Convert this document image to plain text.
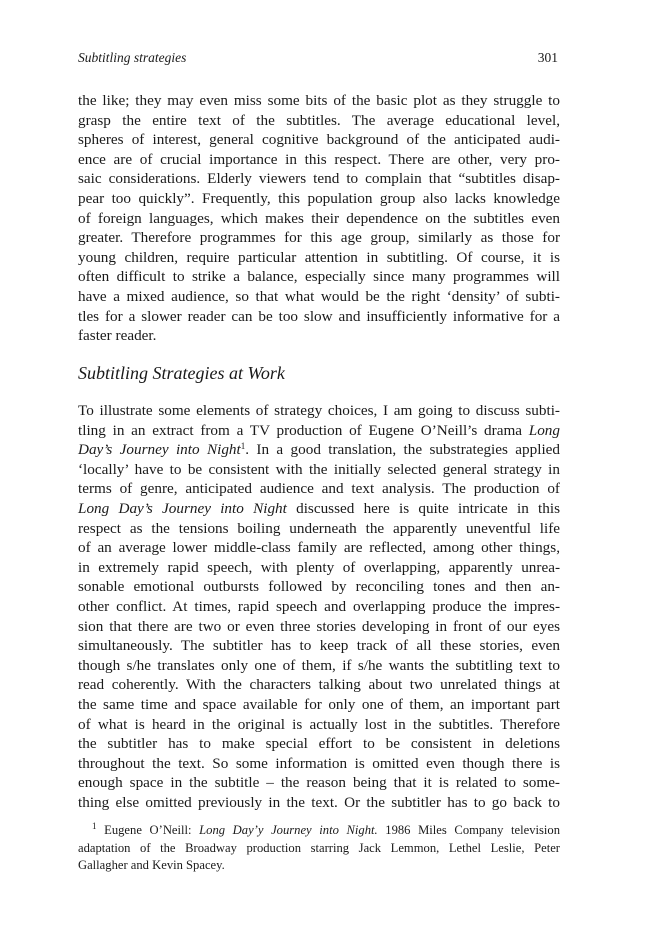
Subtitling strategies	301
the like; they may even miss some bits of the basic plot as they struggle to
grasp the entire text of the subtitles. The average educational level,
spheres of interest, general cognitive background of the anticipated audi-
ence are of crucial importance in this respect. There are other, very pro-
saic considerations. Elderly viewers tend to complain that “subtitles disap-
pear too quickly”. Frequently, this population group also lacks knowledge
of foreign languages, which makes their dependence on the subtitles even
greater. Therefore programmes for this age group, similarly as those for
young children, require particular attention in subtitling. Of course, it is
often difficult to strike a balance, especially since many programmes will
have a mixed audience, so that what would be the right ‘density’ of subti-
tles for a slower reader can be too slow and insufficiently informative for a
faster reader.
Subtitling Strategies at Work
To illustrate some elements of strategy choices, I am going to discuss subti-
tling in an extract from a TV production of Eugene O’Neill’s drama Long
Day’s Journey into Night$^1$. In a good translation, the substrategies applied
‘locally’ have to be consistent with the initially selected general strategy in
terms of genre, anticipated audience and text analysis. The production of
Long Day’s Journey into Night discussed here is quite intricate in this
respect as the tensions boiling underneath the apparently uneventful life
of an average lower middle-class family are reflected, among other things,
in extremely rapid speech, with plenty of overlapping, apparently unrea-
sonable emotional outbursts followed by reconciling tones and then an-
other conflict. At times, rapid speech and overlapping produce the impres-
sion that there are two or even three stories developing in front of our eyes
simultaneously. The subtitler has to keep track of all these stories, even
though s/he translates only one of them, if s/he wants the subtitling text to
read coherently. With the characters talking about two unrelated things at
the same time and space available for only one of them, an important part
of what is heard in the original is actually lost in the subtitles. Therefore
the subtitler has to make special effort to be consistent in deletions
throughout the text. So some information is omitted even though there is
enough space in the subtitle – the reason being that it is related to some-
thing else omitted previously in the text. Or the subtitler has to go back to
$^1$ Eugene O’Neill: Long Day’y Journey into Night. 1986 Miles Company television
adaptation of the Broadway production starring Jack Lemmon, Lethel Leslie, Peter
Gallagher and Kevin Spacey.
